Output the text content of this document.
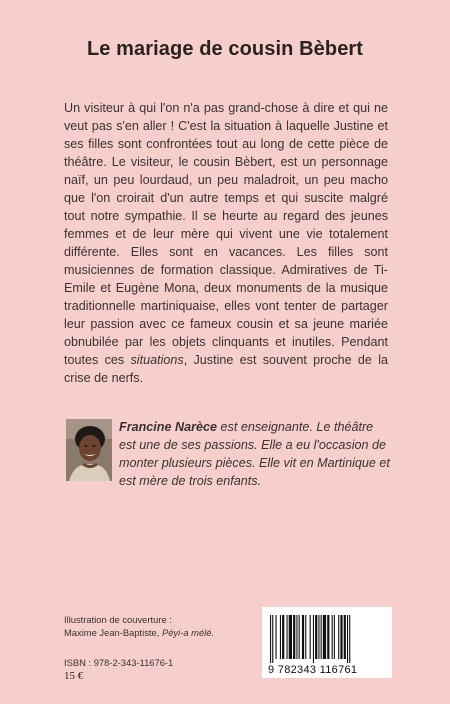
Le mariage de cousin Bèbert

Un visiteur à qui l'on n'a pas grand-chose à dire et qui ne veut pas s'en aller ! C'est la situation à laquelle Justine et ses filles sont confrontées tout au long de cette pièce de théâtre. Le visiteur, le cousin Bèbert, est un personnage naïf, un peu lourdaud, un peu maladroit, un peu macho que l'on croirait d'un autre temps et qui suscite malgré tout notre sympathie. Il se heurte au regard des jeunes femmes et de leur mère qui vivent une vie totalement différente. Elles sont en vacances. Les filles sont musiciennes de formation classique. Admiratives de Ti-Emile et Eugène Mona, deux monuments de la musique traditionnelle martiniquaise, elles vont tenter de partager leur passion avec ce fameux cousin et sa jeune mariée obnubilée par les objets clinquants et inutiles. Pendant toutes ces situations, Justine est souvent proche de la crise de nerfs.

Francine Narèce est enseignante. Le théâtre est une de ses passions. Elle a eu l'occasion de monter plusieurs pièces. Elle vit en Martinique et est mère de trois enfants.

Illustration de couverture :
Maxime Jean-Baptiste, Péyi-a mélé.
ISBN : 978-2-343-11676-1
15 €	9 782343 116761
